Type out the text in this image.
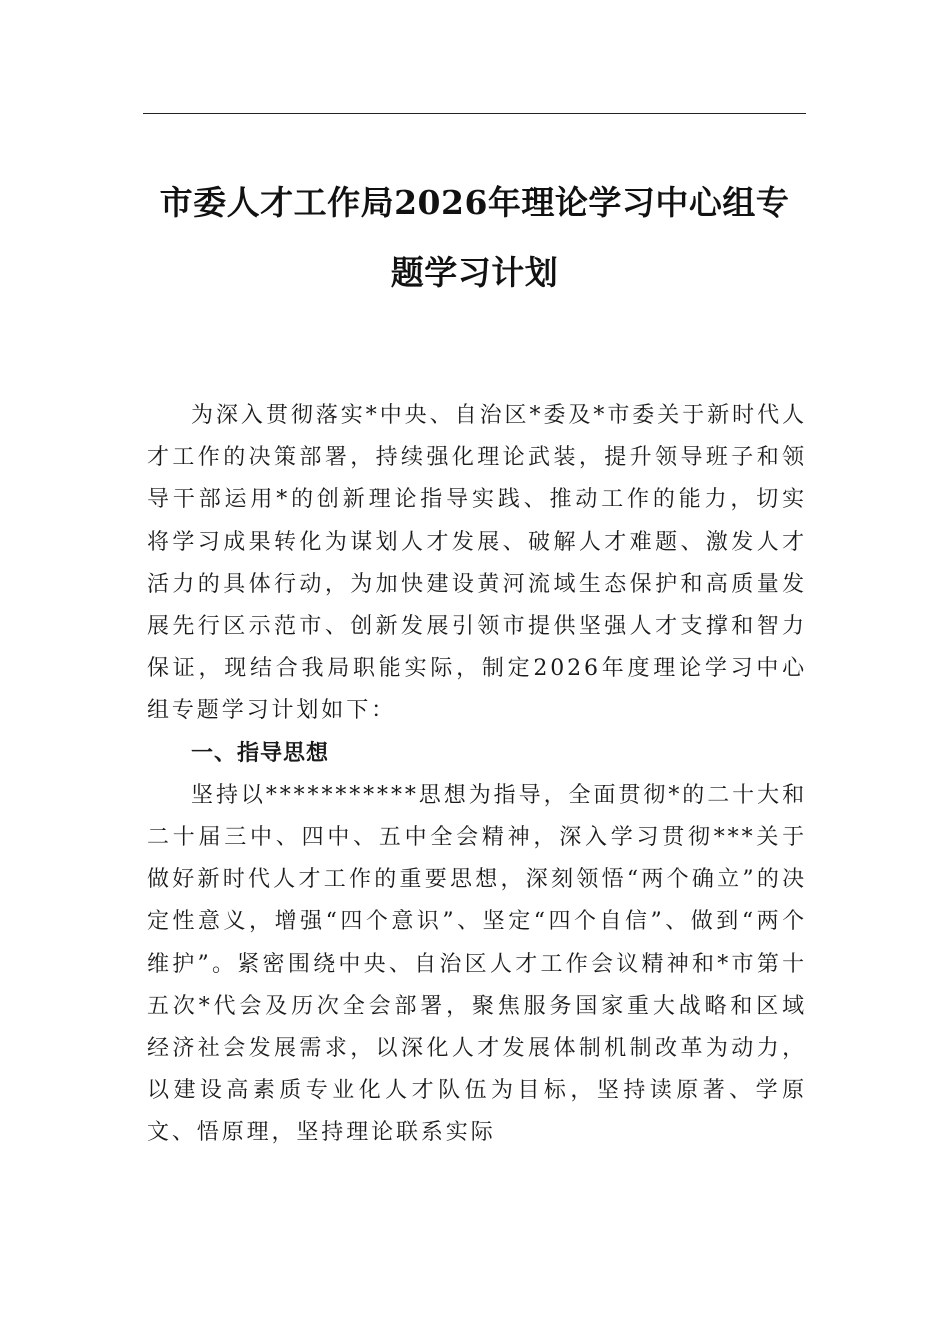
市委人才工作局2026年理论学习中心组专
题学习计划

为深入贯彻落实*中央、自治区*委及*市委关于新时代人才工作的决策部署，持续强化理论武装，提升领导班子和领导干部运用*的创新理论指导实践、推动工作的能力，切实将学习成果转化为谋划人才发展、破解人才难题、激发人才活力的具体行动，为加快建设黄河流域生态保护和高质量发展先行区示范市、创新发展引领市提供坚强人才支撑和智力保证，现结合我局职能实际，制定2026年度理论学习中心组专题学习计划如下：

一、指导思想

坚持以***********思想为指导，全面贯彻*的二十大和二十届三中、四中、五中全会精神，深入学习贯彻***关于做好新时代人才工作的重要思想，深刻领悟“两个确立”的决定性意义，增强“四个意识”、坚定“四个自信”、做到“两个维护”。紧密围绕中央、自治区人才工作会议精神和*市第十五次*代会及历次全会部署，聚焦服务国家重大战略和区域经济社会发展需求，以深化人才发展体制机制改革为动力，以建设高素质专业化人才队伍为目标，坚持读原著、学原文、悟原理，坚持理论联系实际
